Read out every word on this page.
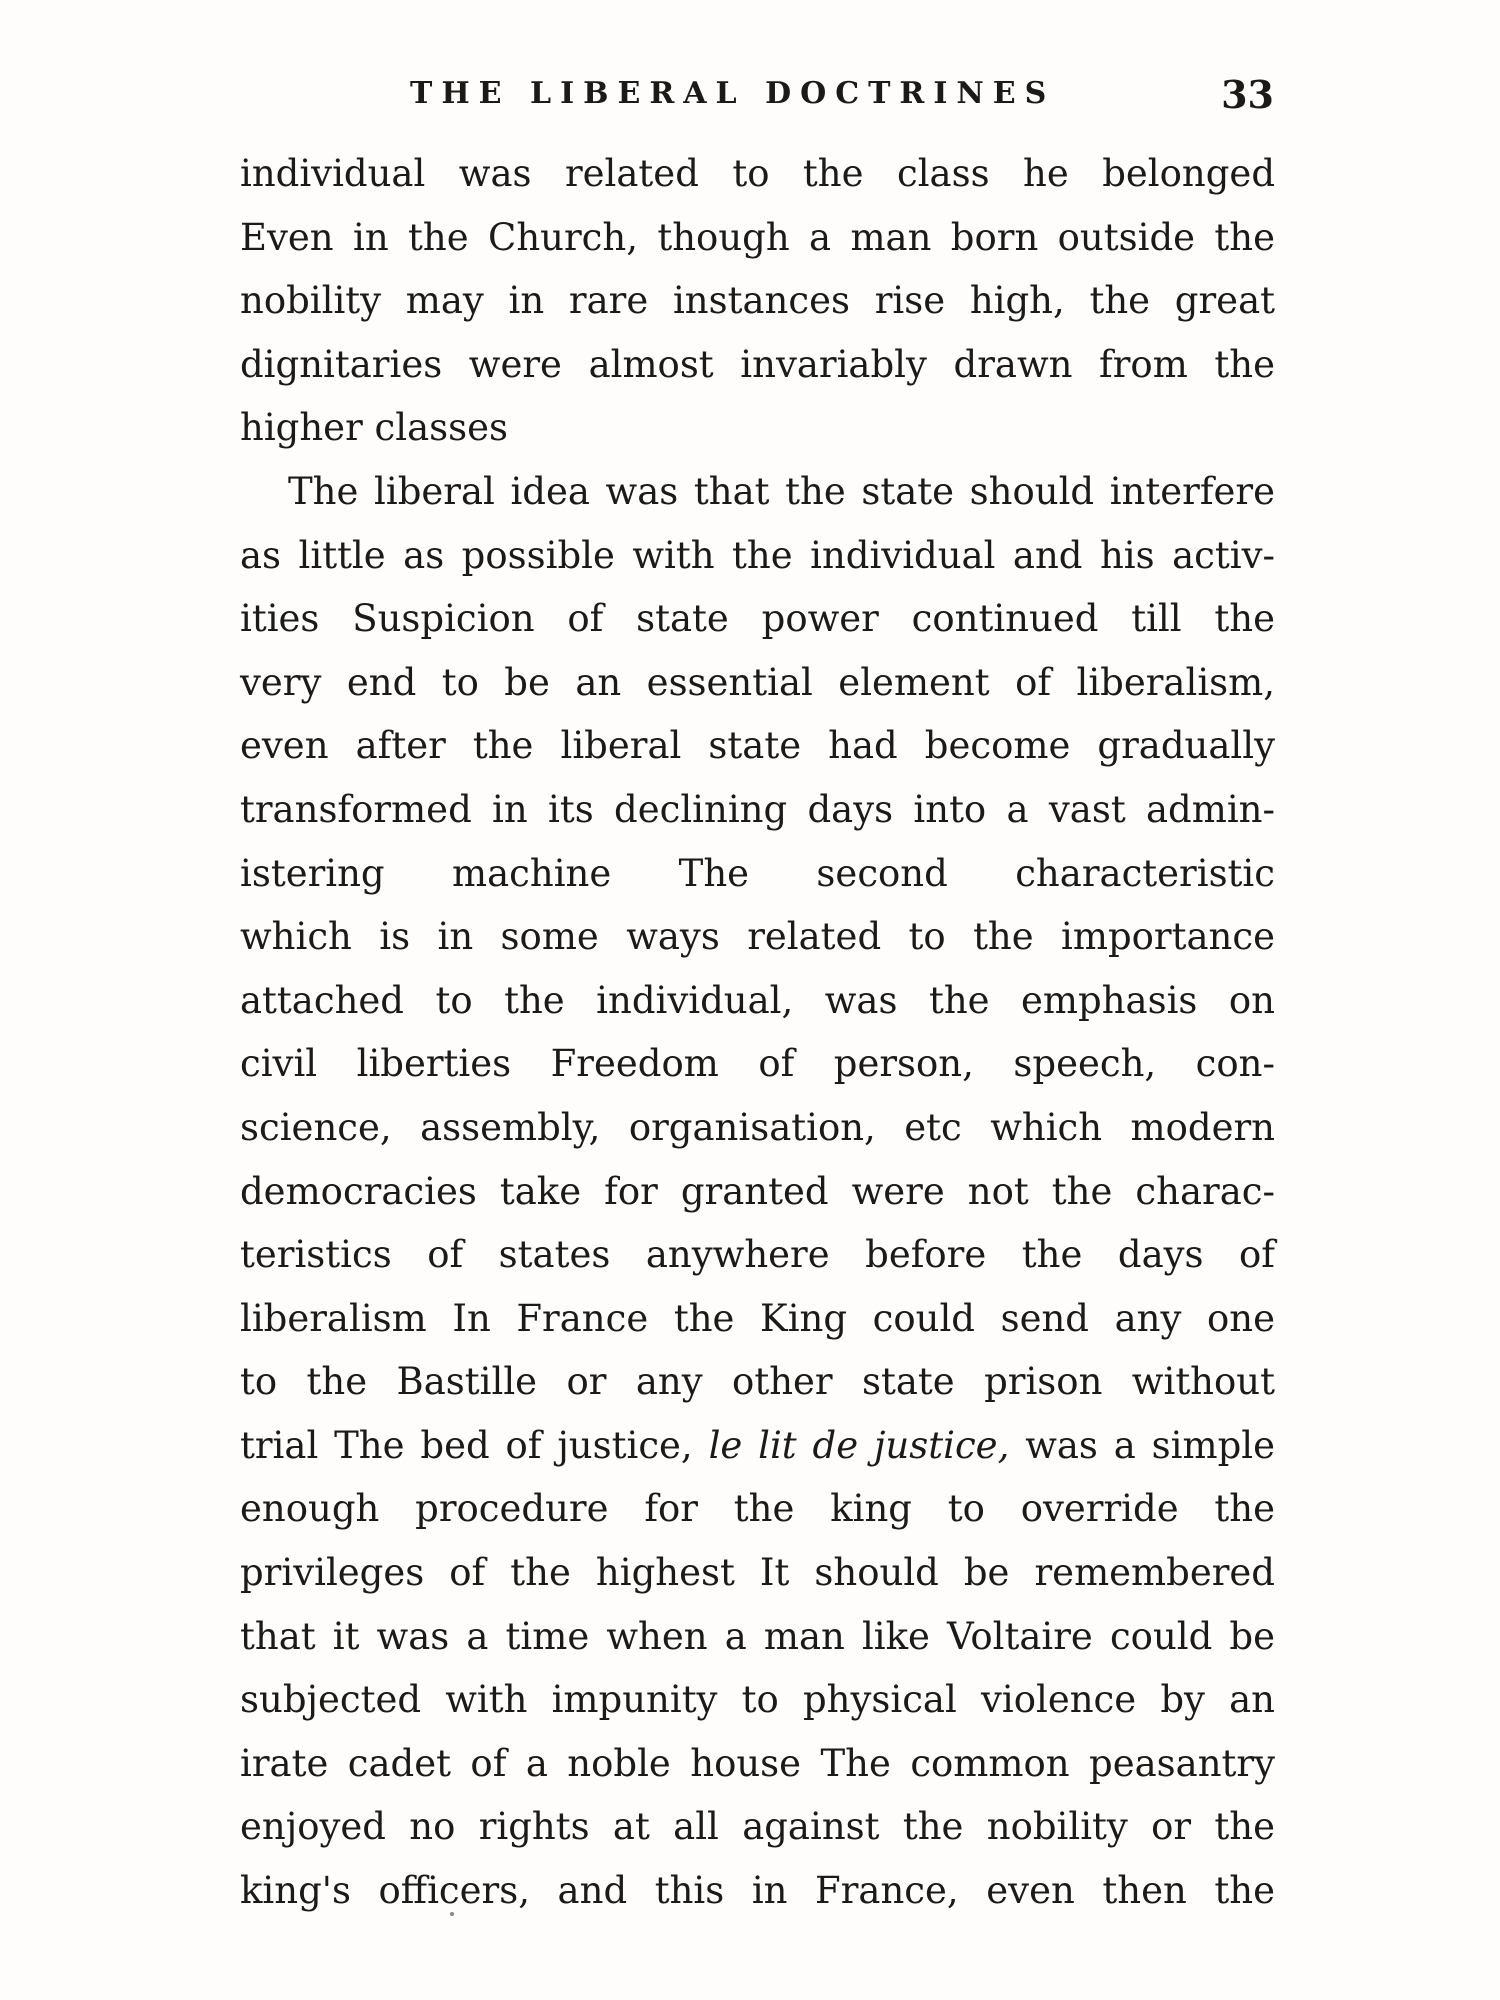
THE LIBERAL DOCTRINES	33
individual was related to the class he belonged
Even in the Church, though a man born outside the
nobility may in rare instances rise high, the great
dignitaries were almost invariably drawn from the
higher classes
The liberal idea was that the state should interfere
as little as possible with the individual and his activ-
ities Suspicion of state power continued till the
very end to be an essential element of liberalism,
even after the liberal state had become gradually
transformed in its declining days into a vast admin-
istering machine The second characteristic
which is in some ways related to the importance
attached to the individual, was the emphasis on
civil liberties Freedom of person, speech, con-
science, assembly, organisation, etc which modern
democracies take for granted were not the charac-
teristics of states anywhere before the days of
liberalism In France the King could send any one
to the Bastille or any other state prison without
trial The bed of justice, le lit de justice, was a simple
enough procedure for the king to override the
privileges of the highest It should be remembered
that it was a time when a man like Voltaire could be
subjected with impunity to physical violence by an
irate cadet of a noble house The common peasantry
enjoyed no rights at all against the nobility or the
king's officers, and this in France, even then the
